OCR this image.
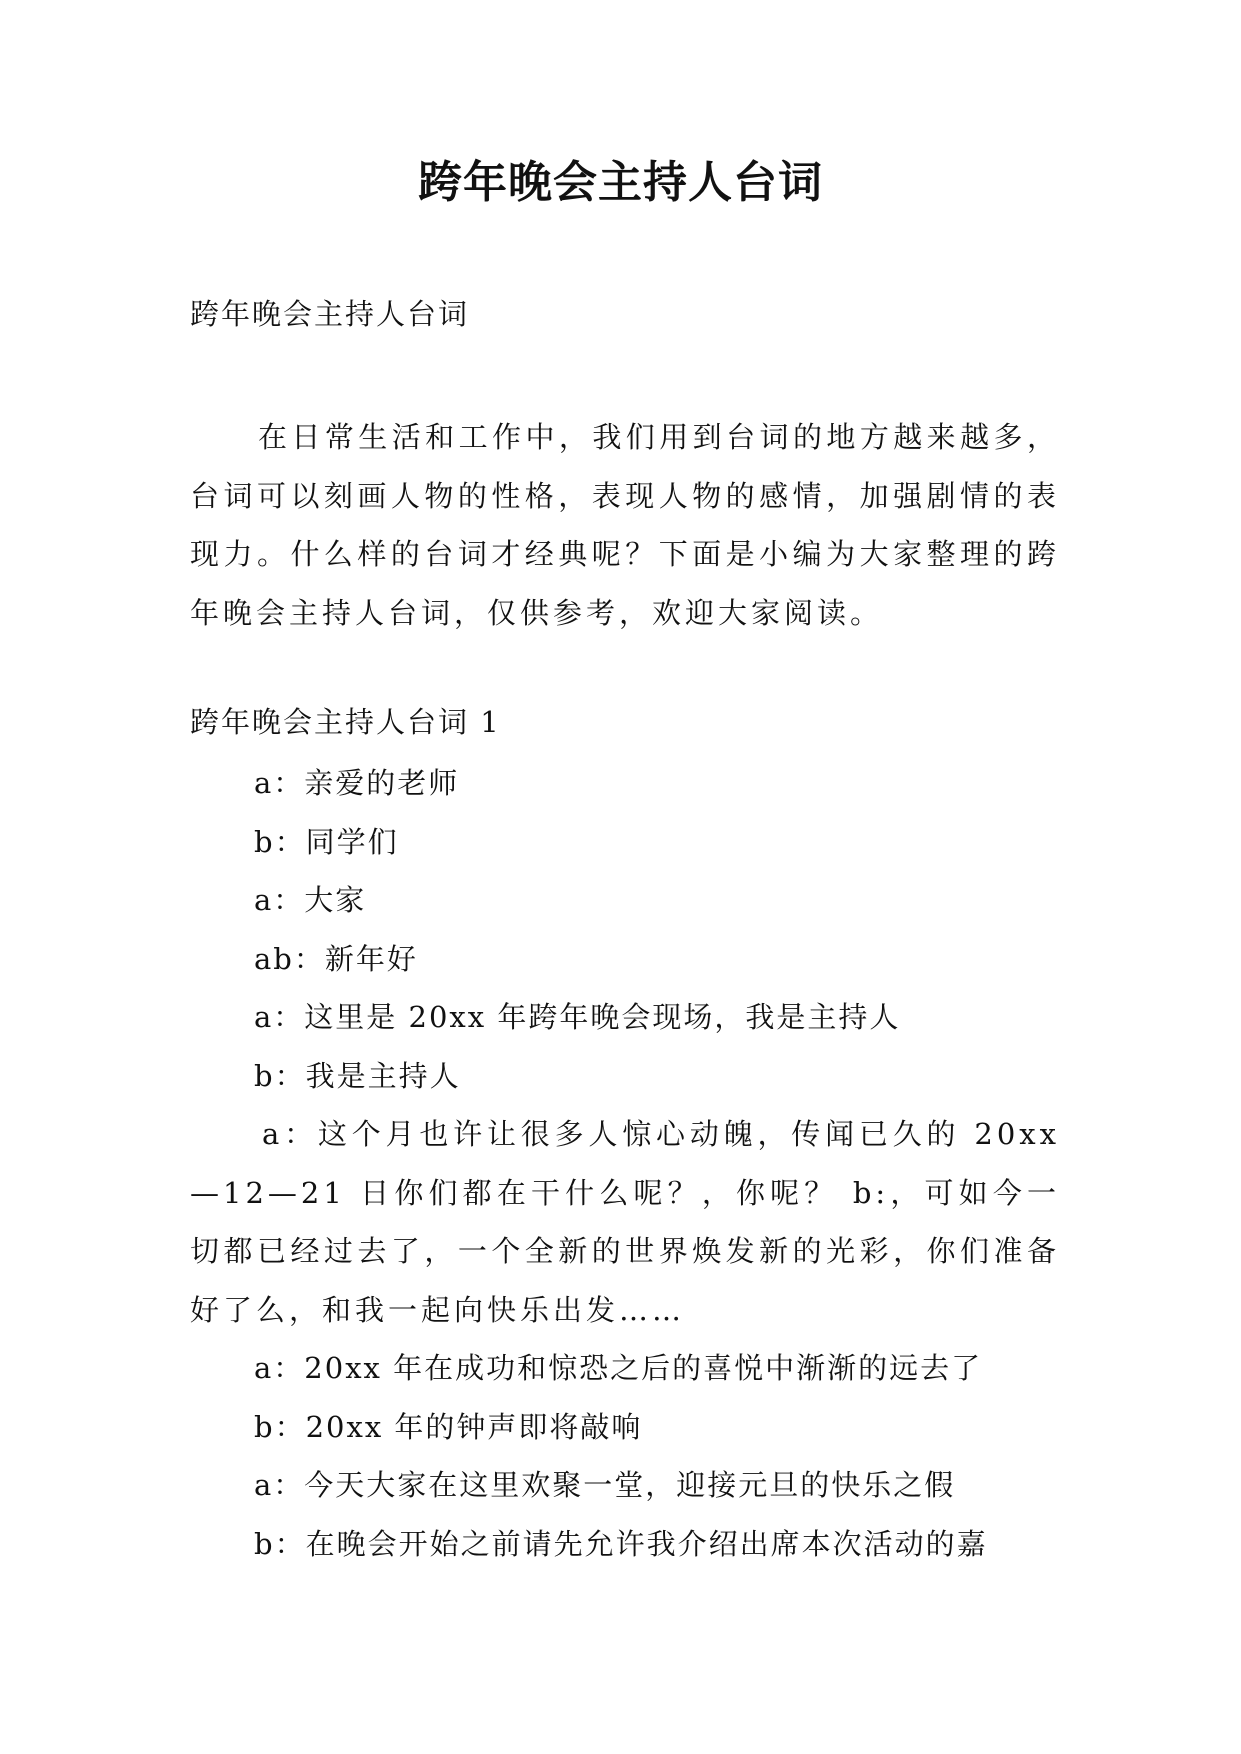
跨年晚会主持人台词
跨年晚会主持人台词
在日常生活和工作中，我们用到台词的地方越来越多，台词可以刻画人物的性格，表现人物的感情，加强剧情的表现力。什么样的台词才经典呢？下面是小编为大家整理的跨年晚会主持人台词，仅供参考，欢迎大家阅读。
跨年晚会主持人台词 1

a：亲爱的老师

b：同学们

a：大家

ab：新年好

a：这里是 20xx 年跨年晚会现场，我是主持人

b：我是主持人

a：这个月也许让很多人惊心动魄，传闻已久的 20xx—12—21 日你们都在干什么呢？，你呢？ b:，可如今一切都已经过去了，一个全新的世界焕发新的光彩，你们准备好了么，和我一起向快乐出发……

a：20xx 年在成功和惊恐之后的喜悦中渐渐的远去了

b：20xx 年的钟声即将敲响

a：今天大家在这里欢聚一堂，迎接元旦的快乐之假

b：在晚会开始之前请先允许我介绍出席本次活动的嘉
